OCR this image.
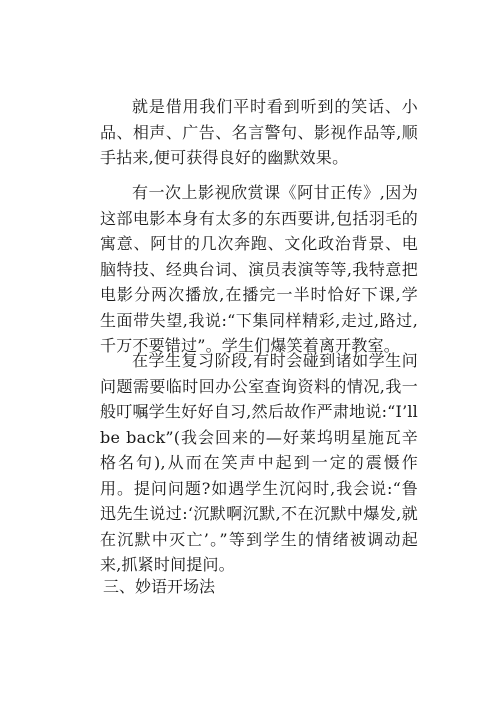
就是借用我们平时看到听到的笑话、小品、相声、广告、名言警句、影视作品等,顺手拈来,便可获得良好的幽默效果。

有一次上影视欣赏课《阿甘正传》,因为这部电影本身有太多的东西要讲,包括羽毛的寓意、阿甘的几次奔跑、文化政治背景、电脑特技、经典台词、演员表演等等,我特意把电影分两次播放,在播完一半时恰好下课,学生面带失望,我说:“下集同样精彩,走过,路过,千万不要错过”。学生们爆笑着离开教室。

在学生复习阶段,有时会碰到诸如学生问问题需要临时回办公室查询资料的情况,我一般叮嘱学生好好自习,然后故作严肃地说:“I’ll be back”(我会回来的—好莱坞明星施瓦辛格名句),从而在笑声中起到一定的震慑作用。提问问题?如遇学生沉闷时,我会说:“鲁迅先生说过:‘沉默啊沉默,不在沉默中爆发,就在沉默中灭亡’。”等到学生的情绪被调动起来,抓紧时间提问。

三、妙语开场法
